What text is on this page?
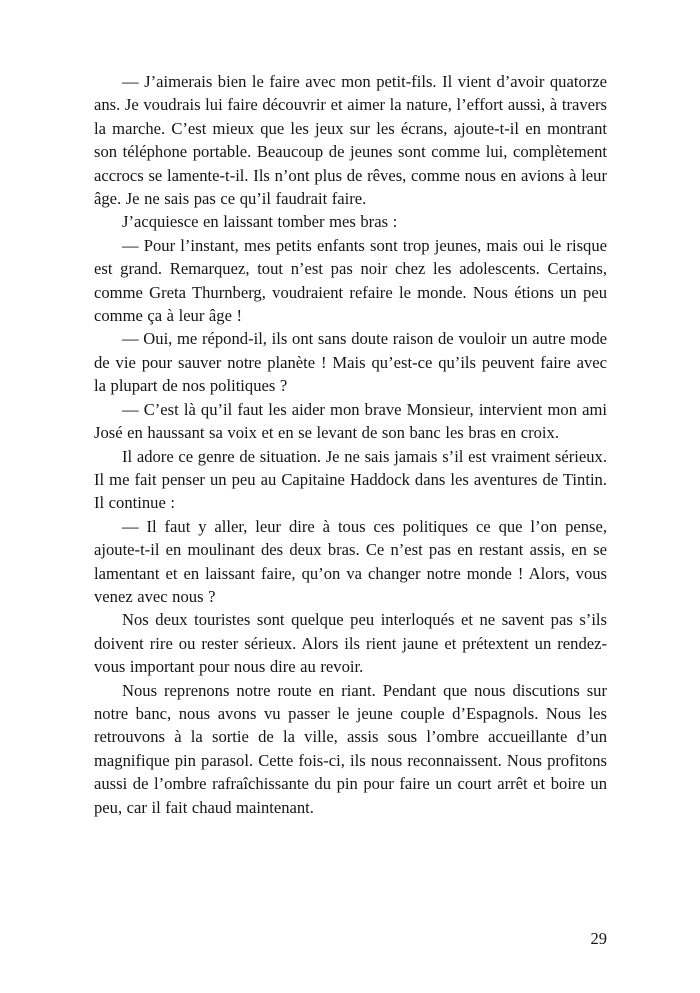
— J’aimerais bien le faire avec mon petit-fils. Il vient d’avoir quatorze ans. Je voudrais lui faire découvrir et aimer la nature, l’effort aussi, à travers la marche. C’est mieux que les jeux sur les écrans, ajoute-t-il en montrant son téléphone portable. Beaucoup de jeunes sont comme lui, complètement accrocs se lamente-t-il. Ils n’ont plus de rêves, comme nous en avions à leur âge. Je ne sais pas ce qu’il faudrait faire.

J’acquiesce en laissant tomber mes bras :

— Pour l’instant, mes petits enfants sont trop jeunes, mais oui le risque est grand. Remarquez, tout n’est pas noir chez les adolescents. Certains, comme Greta Thurnberg, voudraient refaire le monde. Nous étions un peu comme ça à leur âge !

— Oui, me répond-il, ils ont sans doute raison de vouloir un autre mode de vie pour sauver notre planète ! Mais qu’est-ce qu’ils peuvent faire avec la plupart de nos politiques ?

— C’est là qu’il faut les aider mon brave Monsieur, intervient mon ami José en haussant sa voix et en se levant de son banc les bras en croix.

Il adore ce genre de situation. Je ne sais jamais s’il est vraiment sérieux. Il me fait penser un peu au Capitaine Haddock dans les aventures de Tintin. Il continue :

— Il faut y aller, leur dire à tous ces politiques ce que l’on pense, ajoute-t-il en moulinant des deux bras. Ce n’est pas en restant assis, en se lamentant et en laissant faire, qu’on va changer notre monde ! Alors, vous venez avec nous ?

Nos deux touristes sont quelque peu interloqués et ne savent pas s’ils doivent rire ou rester sérieux. Alors ils rient jaune et prétextent un rendez-vous important pour nous dire au revoir.

Nous reprenons notre route en riant. Pendant que nous discutions sur notre banc, nous avons vu passer le jeune couple d’Espagnols. Nous les retrouvons à la sortie de la ville, assis sous l’ombre accueillante d’un magnifique pin parasol. Cette fois-ci, ils nous reconnaissent. Nous profitons aussi de l’ombre rafraîchissante du pin pour faire un court arrêt et boire un peu, car il fait chaud maintenant.

29
